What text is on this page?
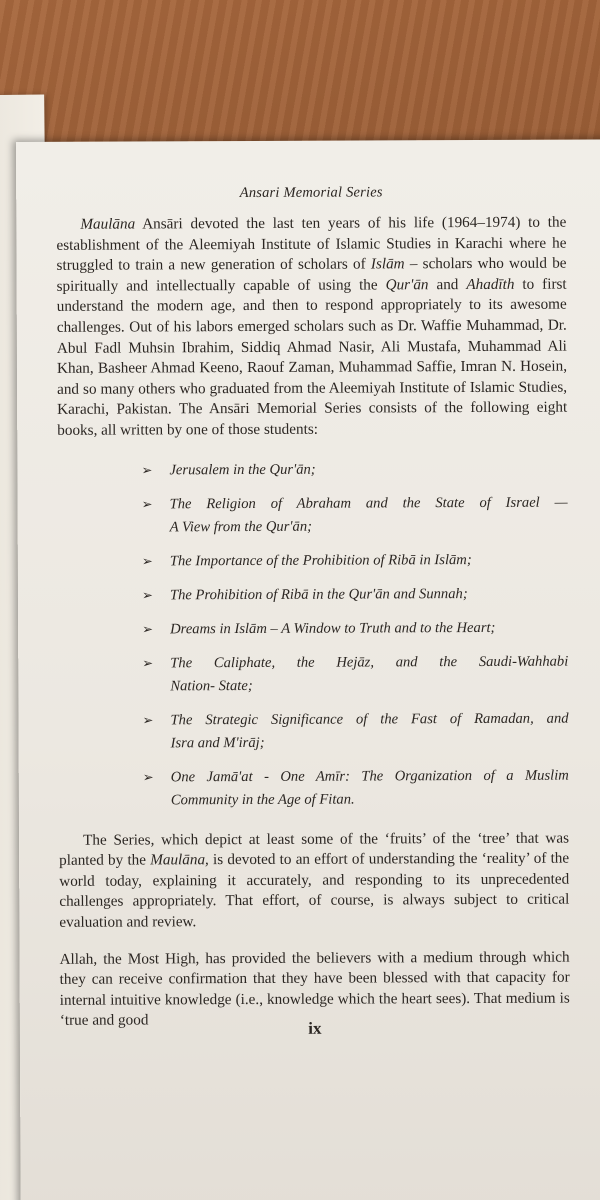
Ansari Memorial Series

Maulāna Ansāri devoted the last ten years of his life (1964–1974) to the establishment of the Aleemiyah Institute of Islamic Studies in Karachi where he struggled to train a new generation of scholars of Islām – scholars who would be spiritually and intellectually capable of using the Qur'ān and Ahadīth to first understand the modern age, and then to respond appropriately to its awesome challenges. Out of his labors emerged scholars such as Dr. Waffie Muhammad, Dr. Abul Fadl Muhsin Ibrahim, Siddiq Ahmad Nasir, Ali Mustafa, Muhammad Ali Khan, Basheer Ahmad Keeno, Raouf Zaman, Muhammad Saffie, Imran N. Hosein, and so many others who graduated from the Aleemiyah Institute of Islamic Studies, Karachi, Pakistan. The Ansāri Memorial Series consists of the following eight books, all written by one of those students:

➢ Jerusalem in the Qur'ān;
➢ The Religion of Abraham and the State of Israel —
A View from the Qur'ān;
➢ The Importance of the Prohibition of Ribā in Islām;
➢ The Prohibition of Ribā in the Qur'ān and Sunnah;
➢ Dreams in Islām – A Window to Truth and to the Heart;
➢ The Caliphate, the Hejāz, and the Saudi-Wahhabi
Nation- State;
➢ The Strategic Significance of the Fast of Ramadan, and
Isra and M'irāj;
➢ One Jamā'at - One Amīr: The Organization of a Muslim
Community in the Age of Fitan.

The Series, which depict at least some of the ‘fruits’ of the ‘tree’ that was planted by the Maulāna, is devoted to an effort of understanding the ‘reality’ of the world today, explaining it accurately, and responding to its unprecedented challenges appropriately. That effort, of course, is always subject to critical evaluation and review.

Allah, the Most High, has provided the believers with a medium through which they can receive confirmation that they have been blessed with that capacity for internal intuitive knowledge (i.e., knowledge which the heart sees). That medium is ‘true and good	ix
